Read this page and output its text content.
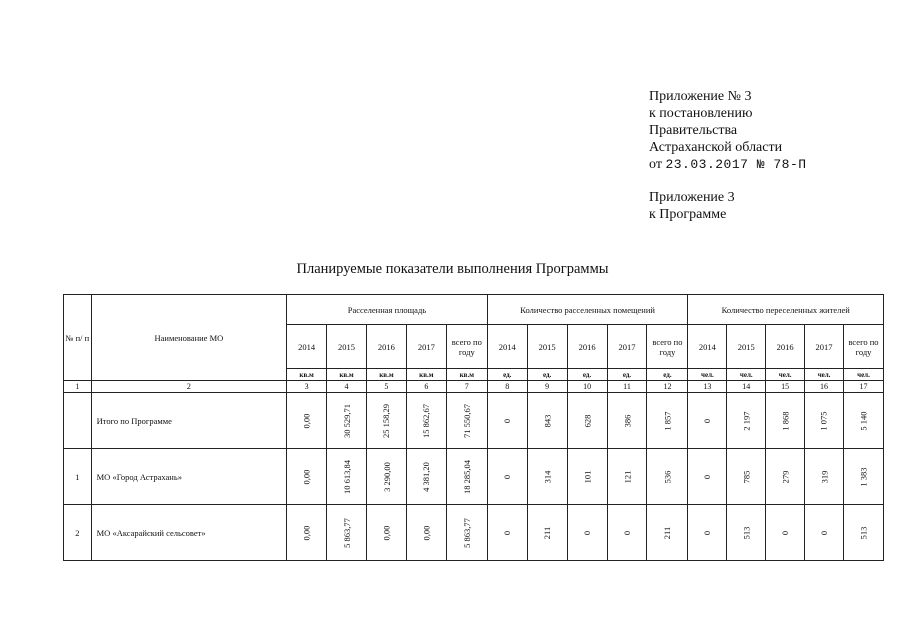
Приложение № 3
к постановлению
Правительства
Астраханской области
от 23.03.2017 № 78-П
Приложение 3
к Программе
Планируемые показатели выполнения Программы
№ п/ п	Наименование МО	Расселенная площадь					Количество расселенных помещений					Количество переселенных жителей				
		2014	2015	2016	2017	всего по году	2014	2015	2016	2017	всего по году	2014	2015	2016	2017	всего по году
		кв.м	кв.м	кв.м	кв.м	кв.м	ед.	ед.	ед.	ед.	ед.	чел.	чел.	чел.	чел.	чел.
1	2	3	4	5	6	7	8	9	10	11	12	13	14	15	16	17
	Итого по Программе	0,00	30 529,71	25 158,29	15 862,67	71 550,67	0	843	628	386	1 857	0	2 197	1 868	1 075	5 140
1	МО «Город Астрахань»	0,00	10 613,84	3 290,00	4 381,20	18 285,04	0	314	101	121	536	0	785	279	319	1 383
2	МО «Аксарайский сельсовет»	0,00	5 863,77	0,00	0,00	5 863,77	0	211	0	0	211	0	513	0	0	513
